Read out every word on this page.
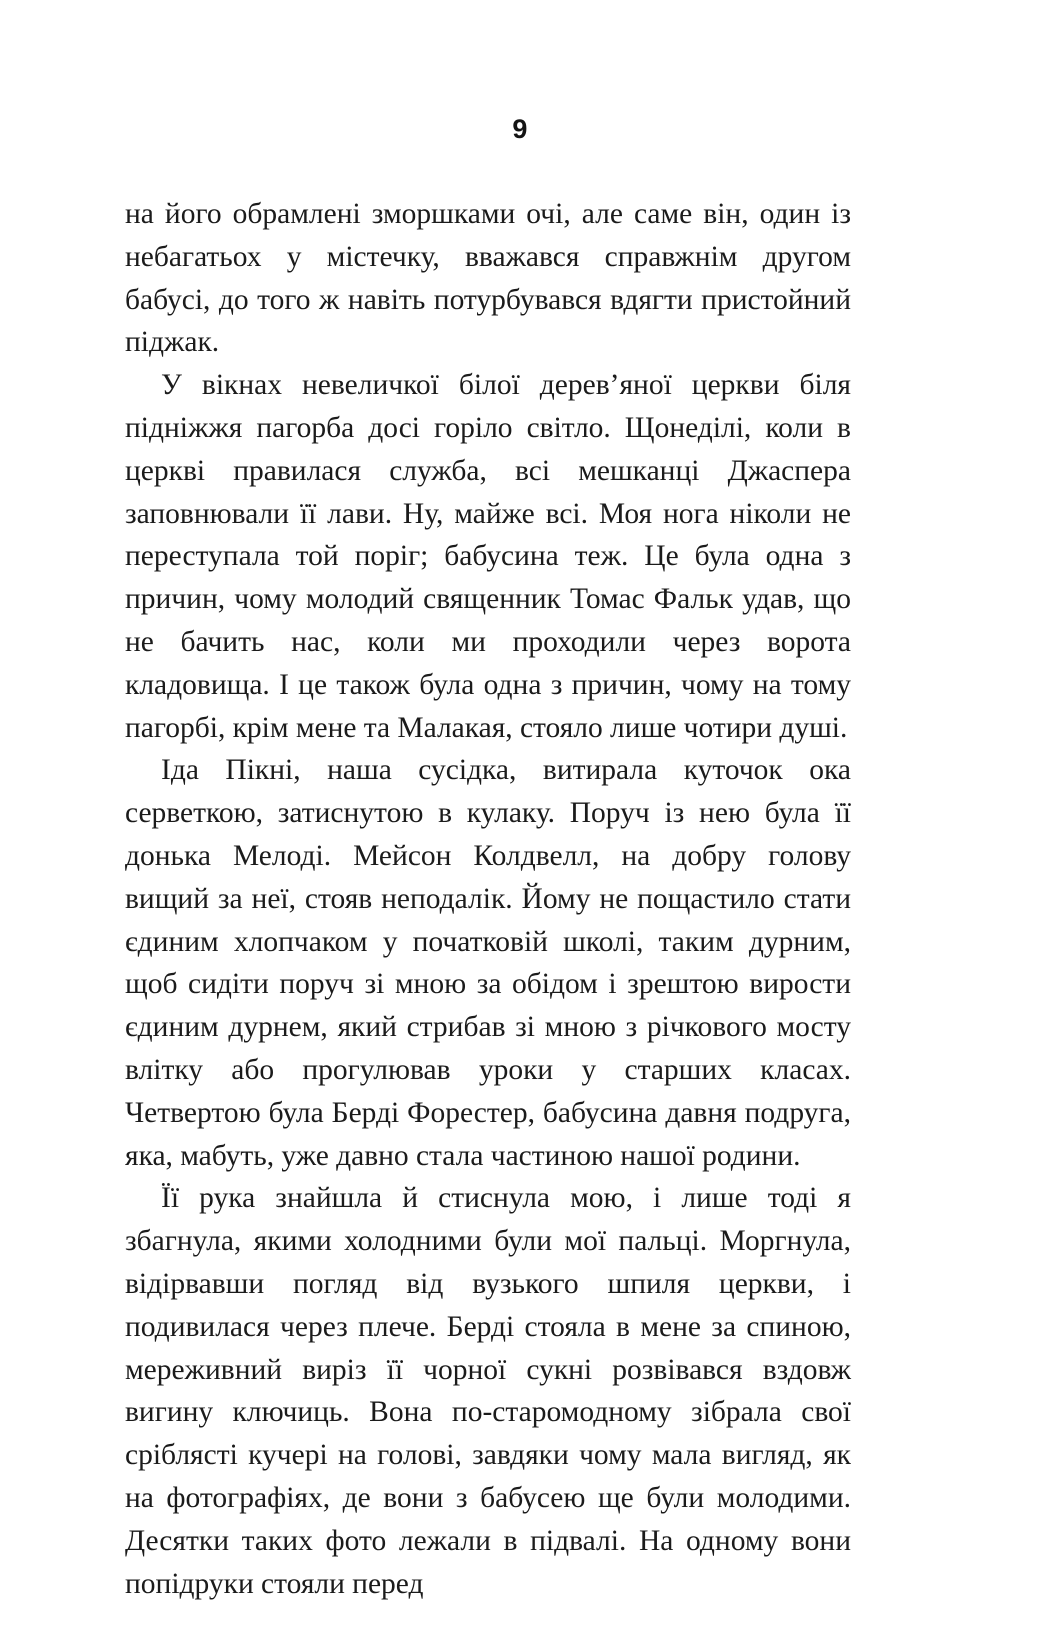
9

на його обрамлені зморшками очі, але саме він, один із небагатьох у містечку, вважався справжнім другом бабусі, до того ж навіть потурбувався вдягти пристойний піджак.

У вікнах невеличкої білої дерев’яної церкви біля підніжжя пагорба досі горіло світло. Щонеділі, коли в церкві правилася служба, всі мешканці Джаспера заповнювали її лави. Ну, майже всі. Моя нога ніколи не переступала той поріг; бабусина теж. Це була одна з причин, чому молодий священник Томас Фальк удав, що не бачить нас, коли ми проходили через ворота кладовища. І це також була одна з причин, чому на тому пагорбі, крім мене та Малакая, стояло лише чотири душі.

Іда Пікні, наша сусідка, витирала куточок ока серветкою, затиснутою в кулаку. Поруч із нею була її донька Мелоді. Мейсон Колдвелл, на добру голову вищий за неї, стояв неподалік. Йому не пощастило стати єдиним хлопчаком у початковій школі, таким дурним, щоб сидіти поруч зі мною за обідом і зрештою вирости єдиним дурнем, який стрибав зі мною з річкового мосту влітку або прогулював уроки у старших класах. Четвертою була Берді Форестер, бабусина давня подруга, яка, мабуть, уже давно стала частиною нашої родини.

Її рука знайшла й стиснула мою, і лише тоді я збагнула, якими холодними були мої пальці. Моргнула, відірвавши погляд від вузького шпиля церкви, і подивилася через плече. Берді стояла в мене за спиною, мереживний виріз її чорної сукні розвівався вздовж вигину ключиць. Вона по-старомодному зібрала свої сріблясті кучері на голові, завдяки чому мала вигляд, як на фотографіях, де вони з бабусею ще були молодими. Десятки таких фото лежали в підвалі. На одному вони попідруки стояли перед
